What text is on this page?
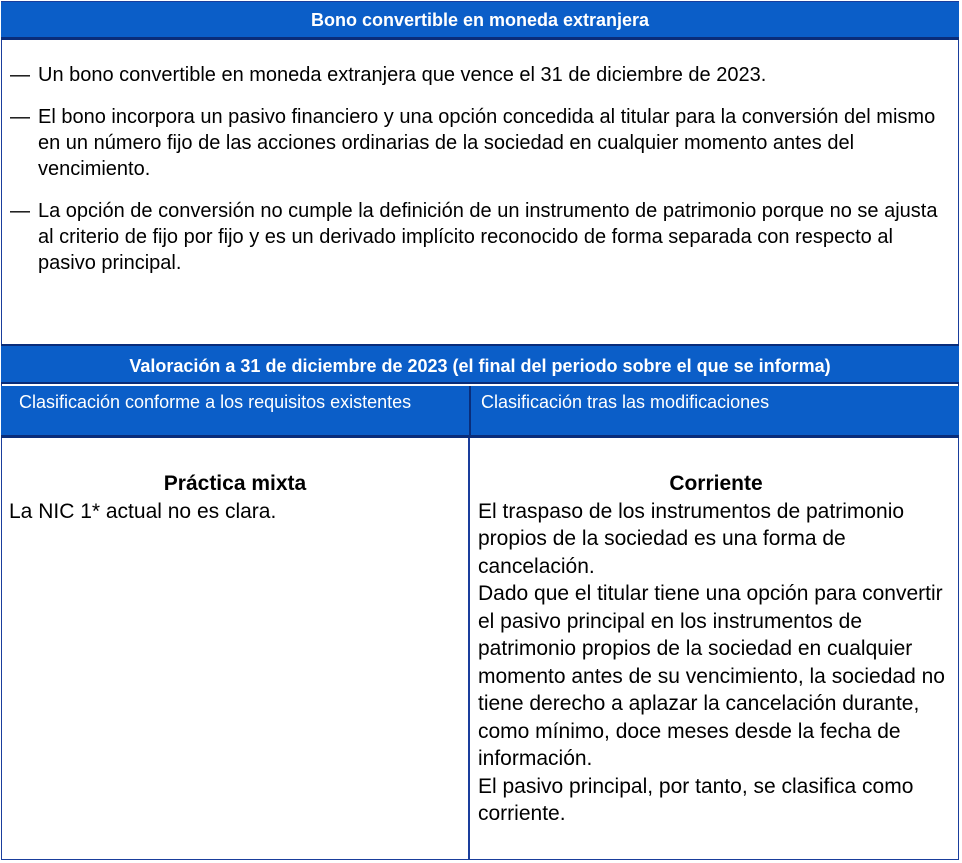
Bono convertible en moneda extranjera
— Un bono convertible en moneda extranjera que vence el 31 de diciembre de 2023.
— El bono incorpora un pasivo financiero y una opción concedida al titular para la conversión del mismo en un número fijo de las acciones ordinarias de la sociedad en cualquier momento antes del vencimiento.
— La opción de conversión no cumple la definición de un instrumento de patrimonio porque no se ajusta al criterio de fijo por fijo y es un derivado implícito reconocido de forma separada con respecto al pasivo principal.
Valoración a 31 de diciembre de 2023 (el final del periodo sobre el que se informa)
Clasificación conforme a los requisitos existentes	Clasificación tras las modificaciones
Práctica mixta
La NIC 1* actual no es clara.
Corriente
El traspaso de los instrumentos de patrimonio propios de la sociedad es una forma de cancelación.
Dado que el titular tiene una opción para convertir el pasivo principal en los instrumentos de patrimonio propios de la sociedad en cualquier momento antes de su vencimiento, la sociedad no tiene derecho a aplazar la cancelación durante, como mínimo, doce meses desde la fecha de información.
El pasivo principal, por tanto, se clasifica como corriente.
